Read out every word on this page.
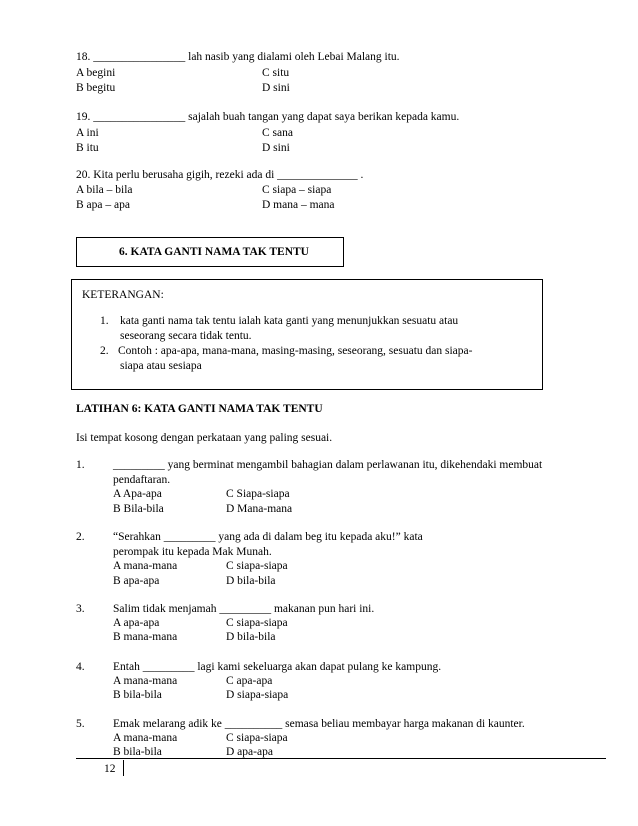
18. ________________ lah nasib yang dialami oleh Lebai Malang itu.
A begini	C situ
B begitu	D sini
19. ________________ sajalah buah tangan yang dapat saya berikan kepada kamu.
A ini	C sana
B itu	D sini
20. Kita perlu berusaha gigih, rezeki ada di ______________ .
A bila – bila	C siapa – siapa
B apa – apa	D mana – mana
6. KATA GANTI NAMA TAK TENTU
KETERANGAN:
1. kata ganti nama tak tentu ialah kata ganti yang menunjukkan sesuatu atau
seseorang secara tidak tentu.
2. Contoh : apa-apa, mana-mana, masing-masing, seseorang, sesuatu dan siapa-
siapa atau sesiapa
LATIHAN 6: KATA GANTI NAMA TAK TENTU
Isi tempat kosong dengan perkataan yang paling sesuai.
1. _________ yang berminat mengambil bahagian dalam perlawanan itu, dikehendaki membuat
pendaftaran.
A Apa-apa	C Siapa-siapa
B Bila-bila	D Mana-mana
2. “Serahkan _________ yang ada di dalam beg itu kepada aku!” kata
perompak itu kepada Mak Munah.
A mana-mana	C siapa-siapa
B apa-apa	D bila-bila
3. Salim tidak menjamah _________ makanan pun hari ini.
A apa-apa	C siapa-siapa
B mana-mana	D bila-bila
4. Entah _________ lagi kami sekeluarga akan dapat pulang ke kampung.
A mana-mana	C apa-apa
B bila-bila	D siapa-siapa
5. Emak melarang adik ke __________ semasa beliau membayar harga makanan di kaunter.
A mana-mana	C siapa-siapa
B bila-bila	D apa-apa
12
